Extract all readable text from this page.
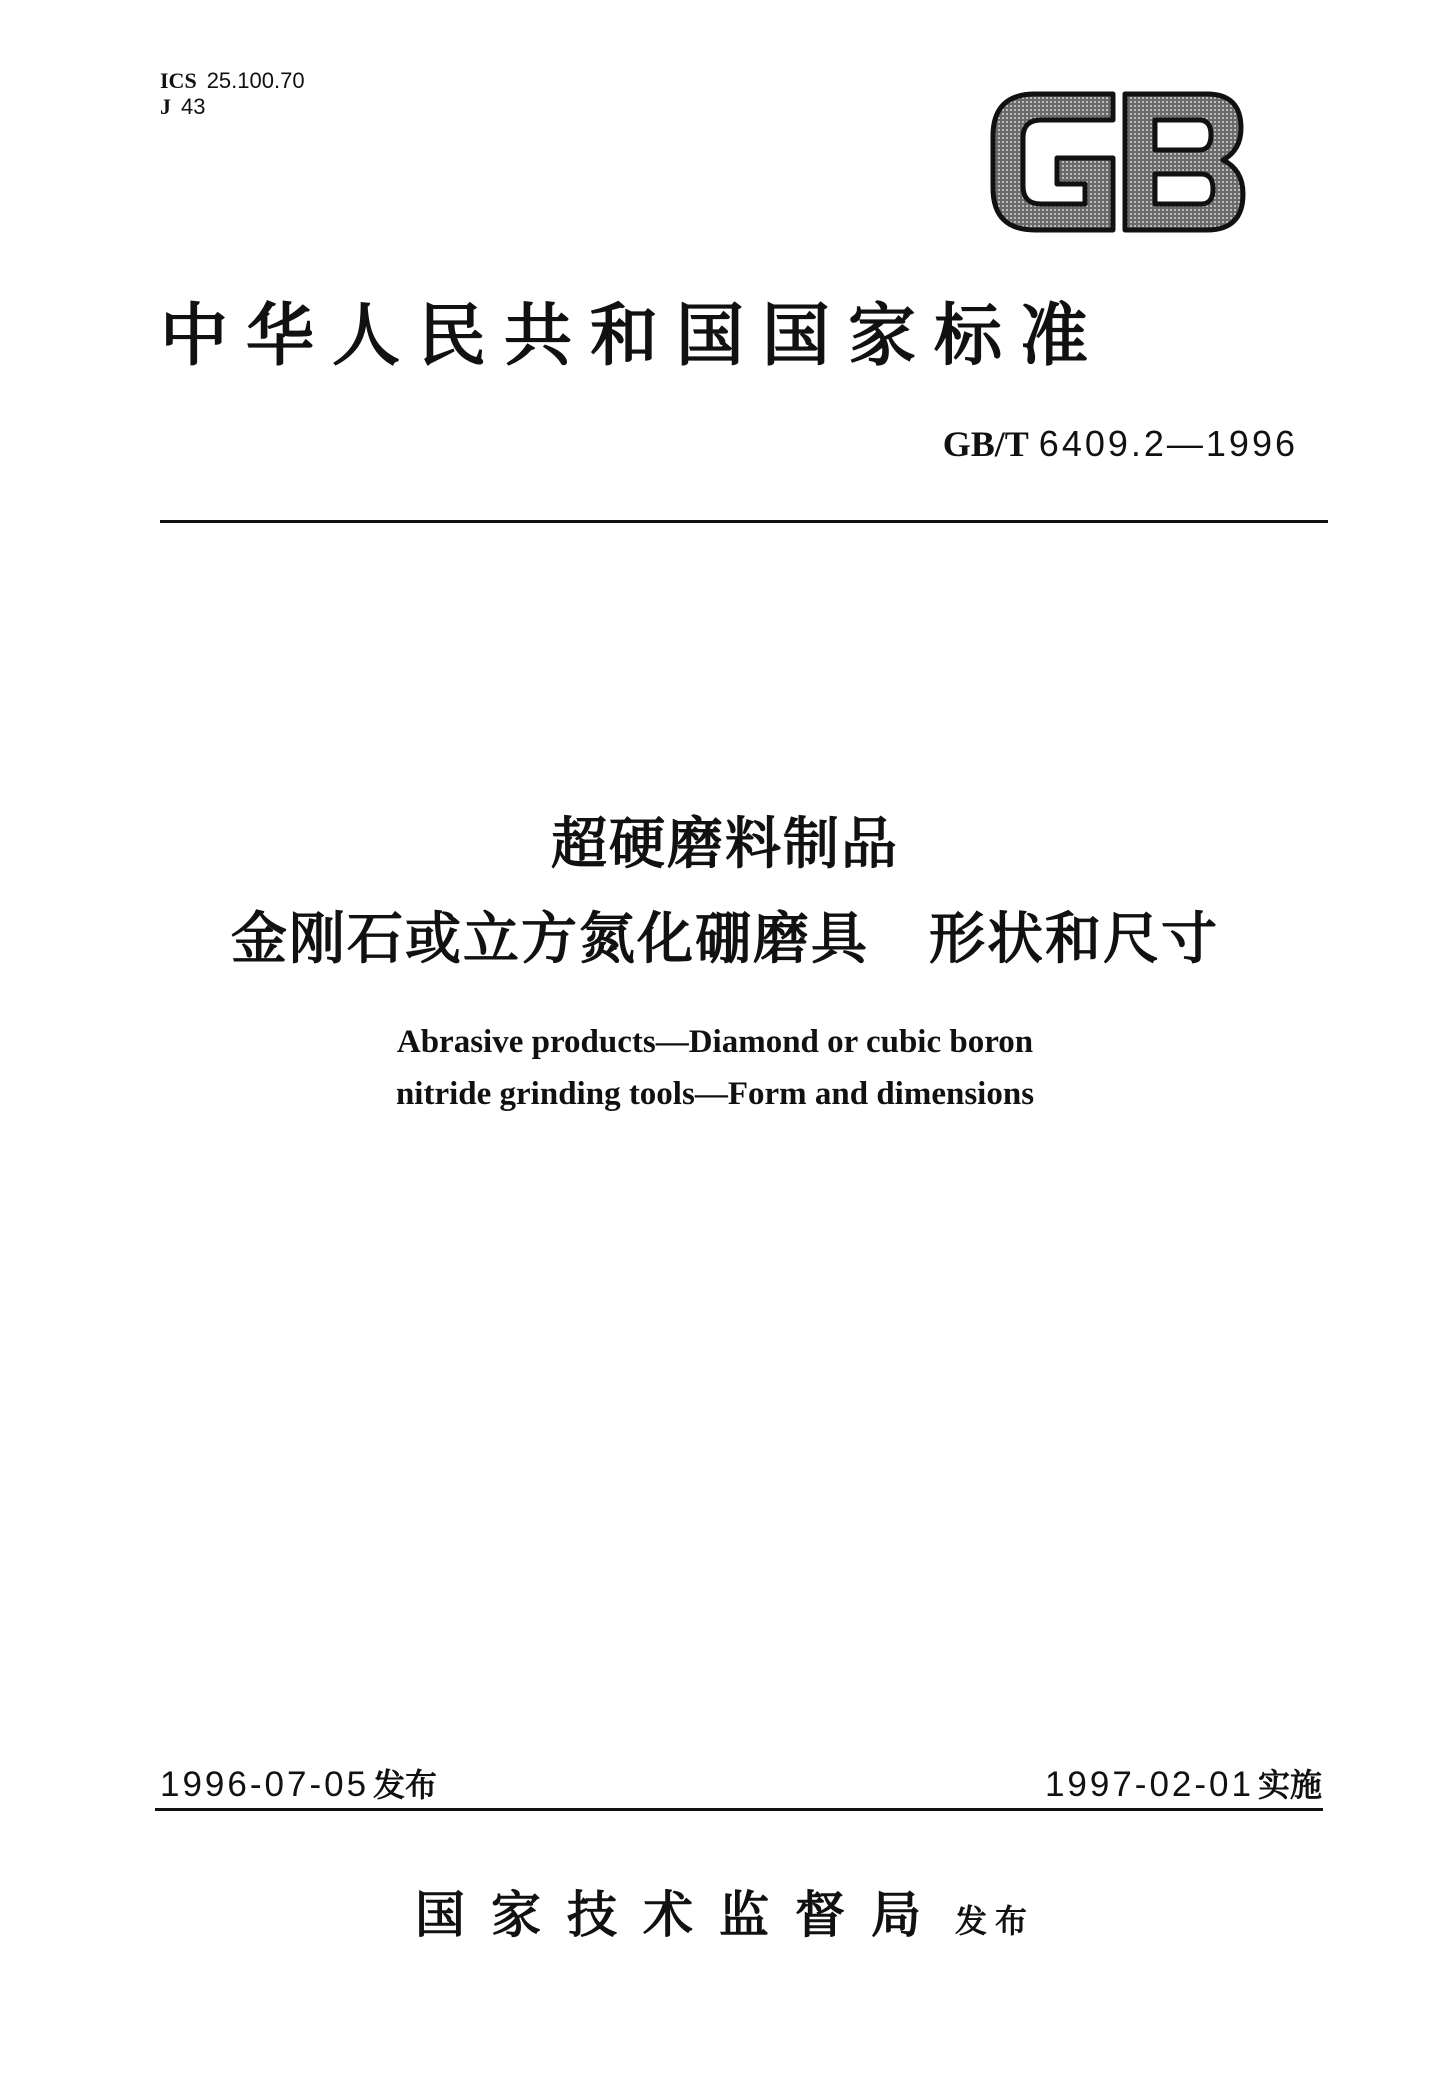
ICS 25.100.70
J 43
中华人民共和国国家标准
GB/T 6409.2—1996
超硬磨料制品
金刚石或立方氮化硼磨具 形状和尺寸
Abrasive products—Diamond or cubic boron
nitride grinding tools—Form and dimensions
1996-07-05 发布	1997-02-01 实施
国家技术监督局 发布
